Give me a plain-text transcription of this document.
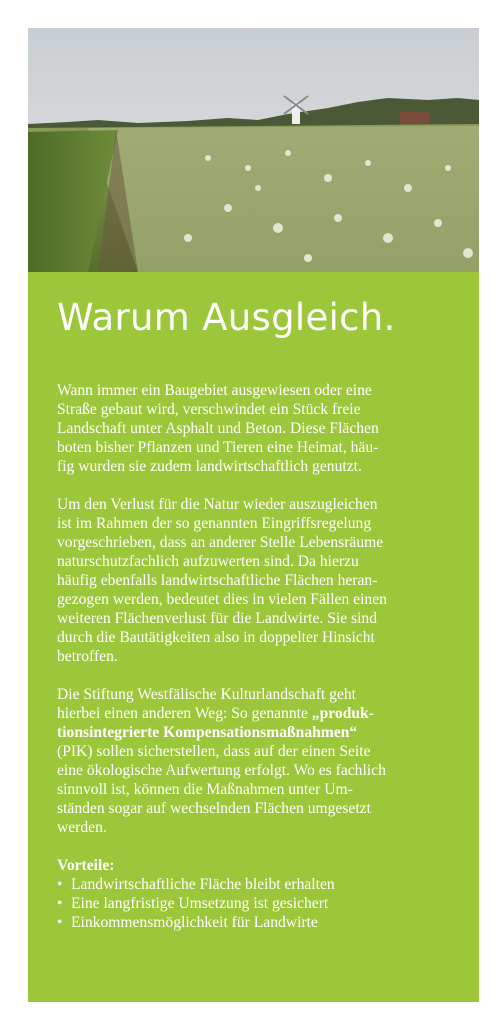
Warum Ausgleich.

Wann immer ein Baugebiet ausgewiesen oder eine
Straße gebaut wird, verschwindet ein Stück freie
Landschaft unter Asphalt und Beton. Diese Flächen
boten bisher Pflanzen und Tieren eine Heimat, häu-
fig wurden sie zudem landwirtschaftlich genutzt.

Um den Verlust für die Natur wieder auszugleichen
ist im Rahmen der so genannten Eingriffsregelung
vorgeschrieben, dass an anderer Stelle Lebensräume
naturschutzfachlich aufzuwerten sind. Da hierzu
häufig ebenfalls landwirtschaftliche Flächen heran-
gezogen werden, bedeutet dies in vielen Fällen einen
weiteren Flächenverlust für die Landwirte. Sie sind
durch die Bautätigkeiten also in doppelter Hinsicht
betroffen.

Die Stiftung Westfälische Kulturlandschaft geht
hierbei einen anderen Weg: So genannte „produk-
tionsintegrierte Kompensationsmaßnahmen“
(PIK) sollen sicherstellen, dass auf der einen Seite
eine ökologische Aufwertung erfolgt. Wo es fachlich
sinnvoll ist, können die Maßnahmen unter Um-
ständen sogar auf wechselnden Flächen umgesetzt
werden.

Vorteile:
• Landwirtschaftliche Fläche bleibt erhalten
• Eine langfristige Umsetzung ist gesichert
• Einkommensmöglichkeit für Landwirte
